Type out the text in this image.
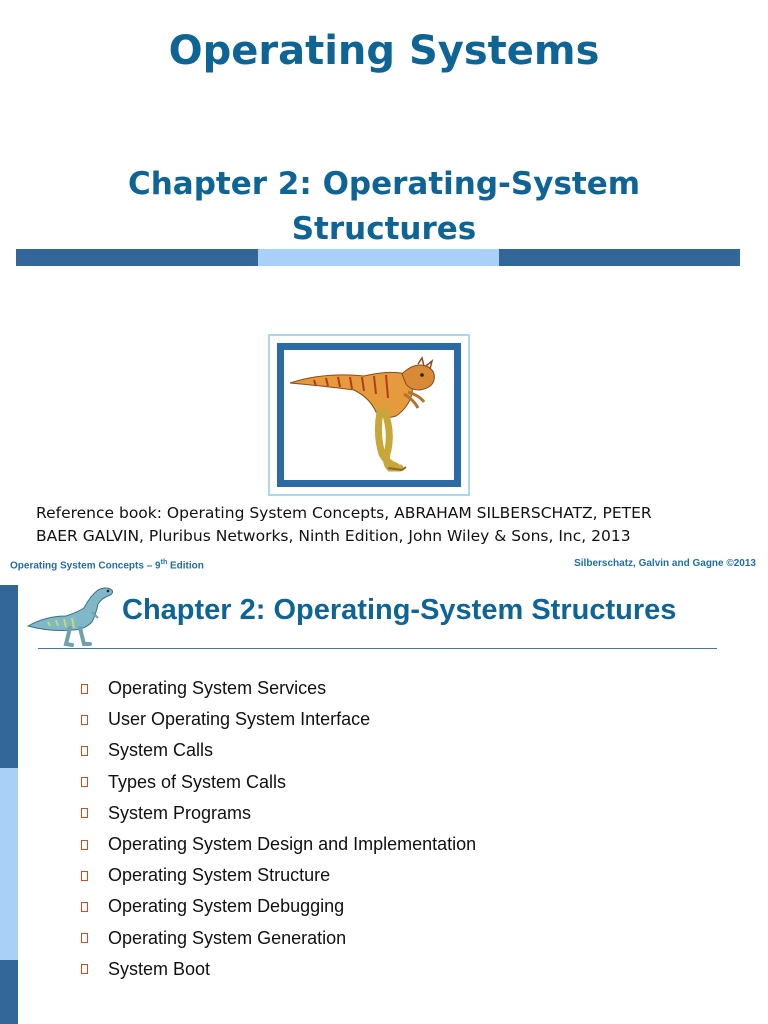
Operating Systems
Chapter 2: Operating-System
Structures
Reference book: Operating System Concepts, ABRAHAM SILBERSCHATZ, PETER
BAER GALVIN, Pluribus Networks, Ninth Edition, John Wiley & Sons, Inc, 2013
Operating System Concepts – 9th Edition	Silberschatz, Galvin and Gagne ©2013
Chapter 2: Operating-System Structures
Operating System Services
User Operating System Interface
System Calls
Types of System Calls
System Programs
Operating System Design and Implementation
Operating System Structure
Operating System Debugging
Operating System Generation
System Boot
